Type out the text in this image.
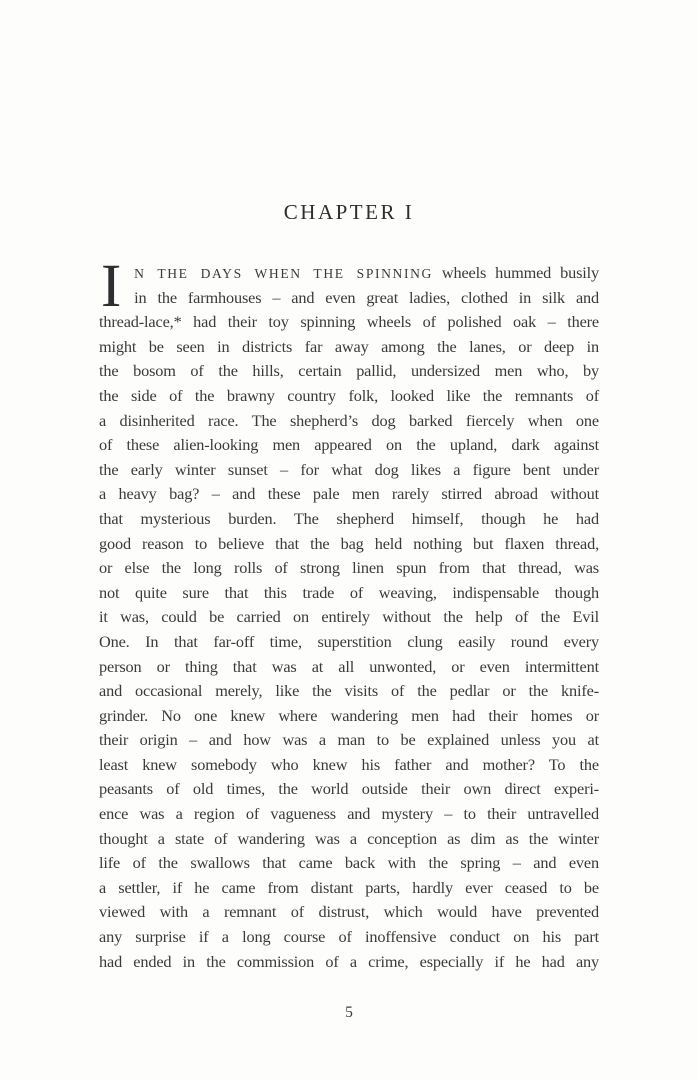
CHAPTER I
I N THE DAYS WHEN THE SPINNING wheels hummed busily
in the farmhouses – and even great ladies, clothed in silk and
thread-lace,* had their toy spinning wheels of polished oak – there
might be seen in districts far away among the lanes, or deep in
the bosom of the hills, certain pallid, undersized men who, by
the side of the brawny country folk, looked like the remnants of
a disinherited race. The shepherd’s dog barked fiercely when one
of these alien-looking men appeared on the upland, dark against
the early winter sunset – for what dog likes a figure bent under
a heavy bag? – and these pale men rarely stirred abroad without
that mysterious burden. The shepherd himself, though he had
good reason to believe that the bag held nothing but flaxen thread,
or else the long rolls of strong linen spun from that thread, was
not quite sure that this trade of weaving, indispensable though
it was, could be carried on entirely without the help of the Evil
One. In that far-off time, superstition clung easily round every
person or thing that was at all unwonted, or even intermittent
and occasional merely, like the visits of the pedlar or the knife-
grinder. No one knew where wandering men had their homes or
their origin – and how was a man to be explained unless you at
least knew somebody who knew his father and mother? To the
peasants of old times, the world outside their own direct experi-
ence was a region of vagueness and mystery – to their untravelled
thought a state of wandering was a conception as dim as the winter
life of the swallows that came back with the spring – and even
a settler, if he came from distant parts, hardly ever ceased to be
viewed with a remnant of distrust, which would have prevented
any surprise if a long course of inoffensive conduct on his part
had ended in the commission of a crime, especially if he had any
5
